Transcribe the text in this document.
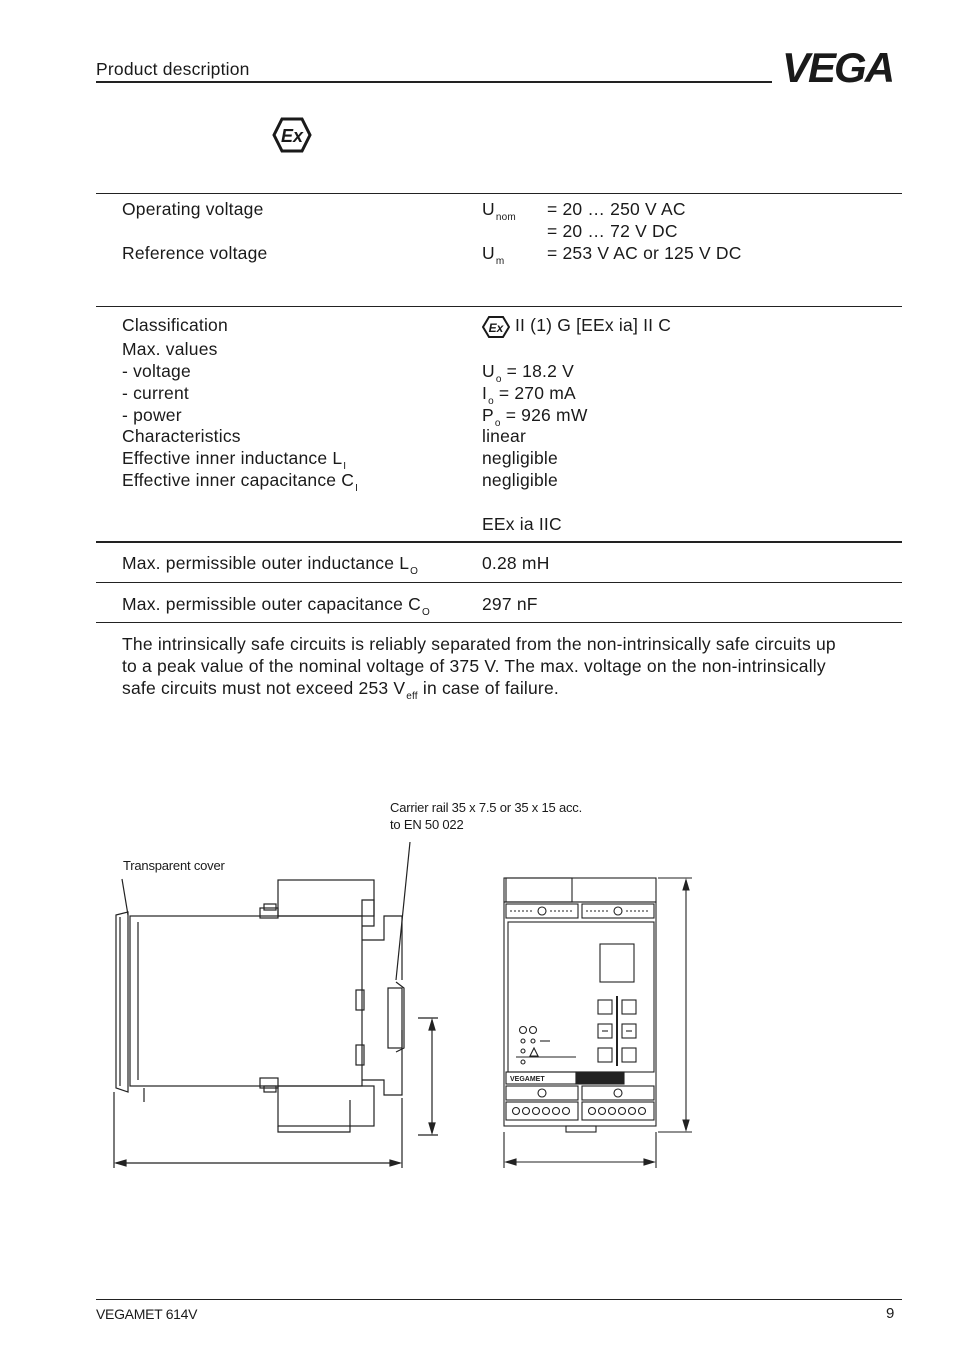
Product description	VEGA
Ex
Operating voltage	$U_{nom} = 20$ … 250 V AC
= 20 … 72 V DC
Reference voltage	$U_m = 253$ V AC or 125 V DC
Classification	Ex II (1) G [EEx ia] II C
Max. values
- voltage	$U_o = 18.2$ V
- current	$I_o = 270$ mA
- power	$P_o = 926$ mW
Characteristics	linear
Effective inner inductance $L_I$	negligible
Effective inner capacitance $C_I$	negligible
EEx ia IIC
Max. permissible outer inductance $L_O$	0.28 mH
Max. permissible outer capacitance $C_O$	297 nF
The intrinsically safe circuits is reliably separated from the non-intrinsically safe circuits up
to a peak value of the nominal voltage of 375 V. The max. voltage on the non-intrinsically
safe circuits must not exceed 253 $V_{eff}$ in case of failure.
Carrier rail 35 x 7.5 or 35 x 15 acc.
to EN 50 022
Transparent cover
VEGAMET
VEGAMET 614V	9
